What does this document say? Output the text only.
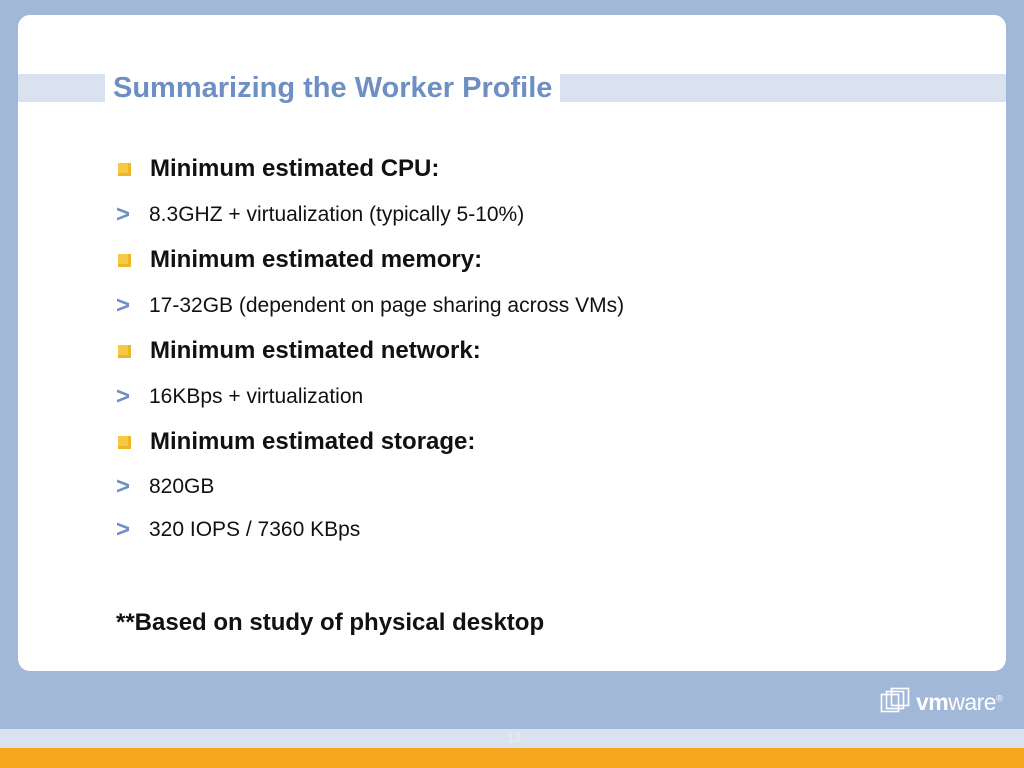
Summarizing the Worker Profile
Minimum estimated CPU:
> 8.3GHZ + virtualization (typically 5-10%)
Minimum estimated memory:
> 17-32GB (dependent on page sharing across VMs)
Minimum estimated network:
> 16KBps + virtualization
Minimum estimated storage:
> 820GB
> 320 IOPS / 7360 KBps
**Based on study of physical desktop
vmware®
13
